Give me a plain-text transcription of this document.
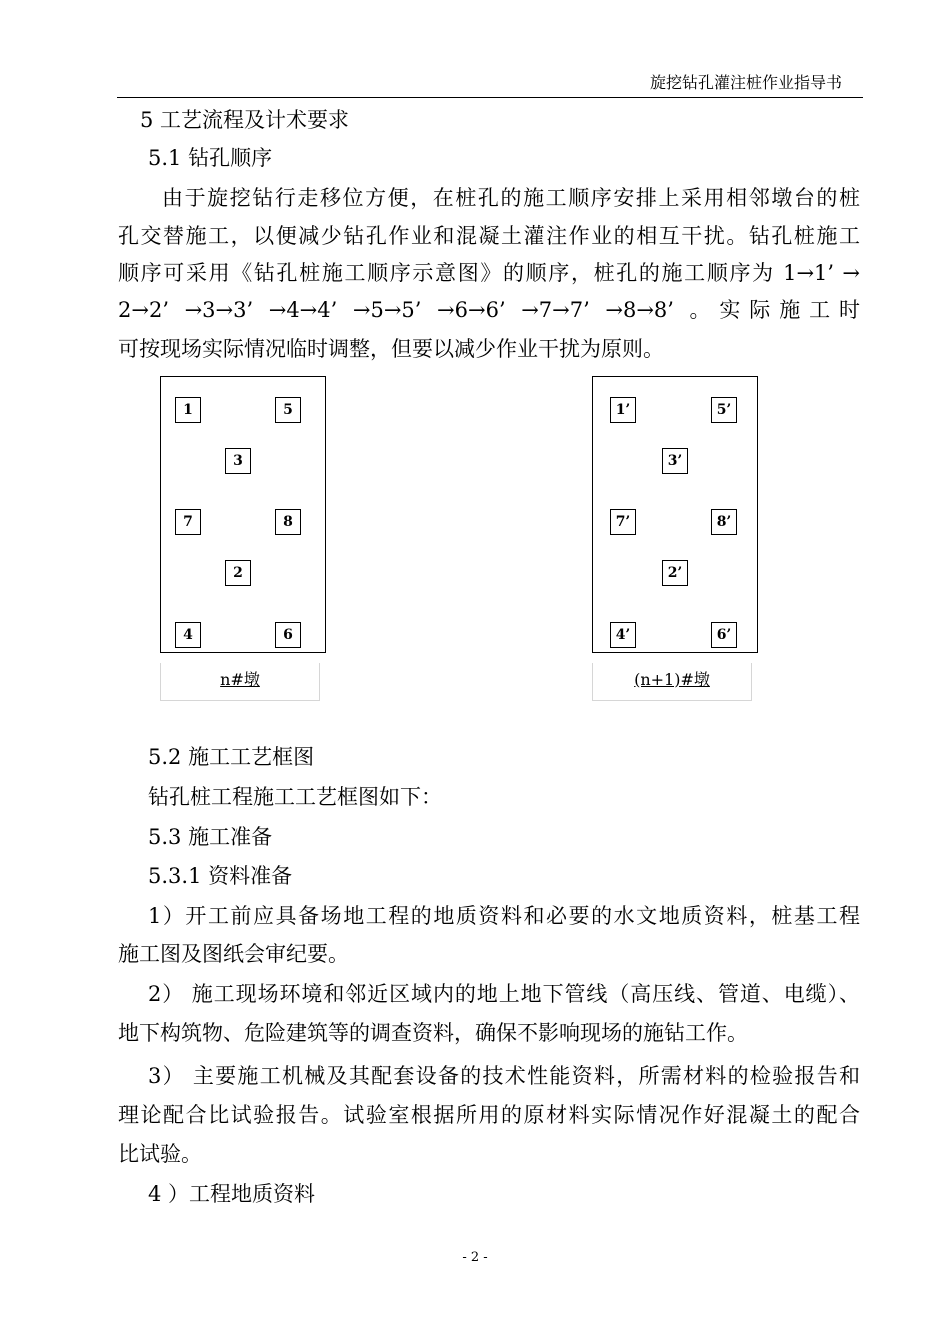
旋挖钻孔灌注桩作业指导书
5 工艺流程及计术要求
5.1 钻孔顺序
由于旋挖钻行走移位方便，在桩孔的施工顺序安排上采用相邻墩台的桩
孔交替施工，以便减少钻孔作业和混凝土灌注作业的相互干扰。钻孔桩施工
顺序可采用《钻孔桩施工顺序示意图》的顺序，桩孔的施工顺序为 1→1’ →
2→2’ →3→3’ →4→4’ →5→5’ →6→6’ →7→7’ →8→8’ 。实际施工时
可按现场实际情况临时调整，但要以减少作业干扰为原则。
1	5
3
7	8
2
4	6
n#墩
1’	5’
3’
7’	8’
2’
4’	6’
(n+1)#墩
5.2 施工工艺框图
钻孔桩工程施工工艺框图如下：
5.3 施工准备
5.3.1 资料准备
1）开工前应具备场地工程的地质资料和必要的水文地质资料，桩基工程
施工图及图纸会审纪要。
2） 施工现场环境和邻近区域内的地上地下管线（高压线、管道、电缆）、
地下构筑物、危险建筑等的调查资料，确保不影响现场的施钻工作。
3） 主要施工机械及其配套设备的技术性能资料，所需材料的检验报告和
理论配合比试验报告。试验室根据所用的原材料实际情况作好混凝土的配合
比试验。
4 ）工程地质资料
- 2 -
